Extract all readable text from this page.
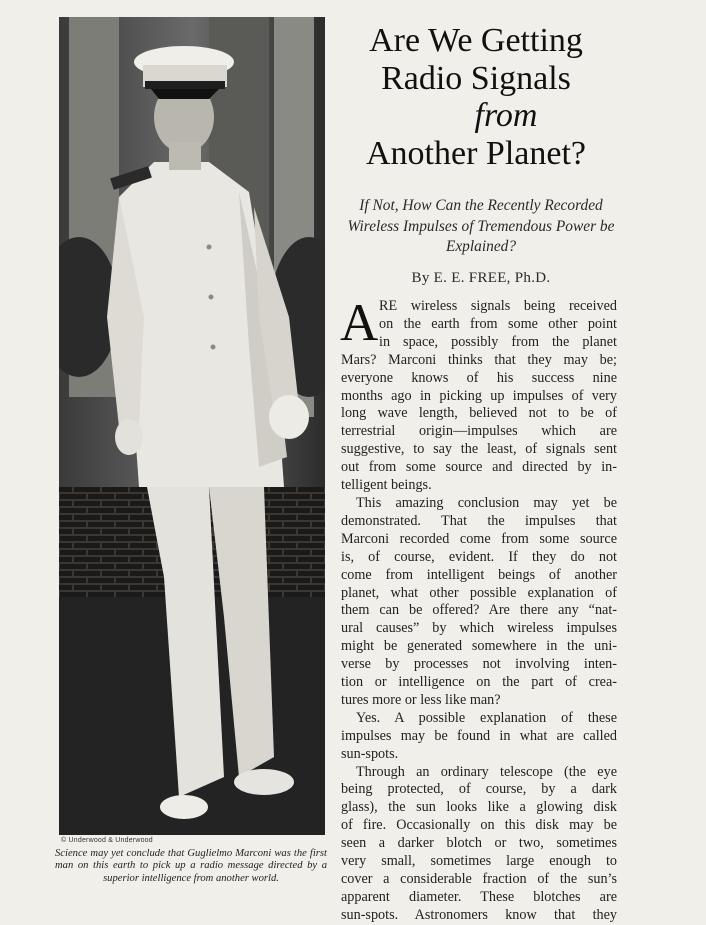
© Underwood & Underwood
Science may yet conclude that Guglielmo Marconi was the first man on this earth to pick up a radio message directed by a superior intelligence from another world.
Are We Getting
Radio Signals
from
Another Planet?
If Not, How Can the Recently Recorded Wireless Impulses of Tremendous Power be Explained?
By E. E. FREE, Ph.D.
A RE wireless signals being received
on the earth from some other point
in space, possibly from the planet
Mars? Marconi thinks that they may be;
everyone knows of his success nine
months ago in picking up impulses of very
long wave length, believed not to be of
terrestrial origin—impulses which are
suggestive, to say the least, of signals sent
out from some source and directed by in-
telligent beings.
This amazing conclusion may yet be
demonstrated. That the impulses that
Marconi recorded come from some source
is, of course, evident. If they do not
come from intelligent beings of another
planet, what other possible explanation of
them can be offered? Are there any “nat-
ural causes” by which wireless impulses
might be generated somewhere in the uni-
verse by processes not involving inten-
tion or intelligence on the part of crea-
tures more or less like man?
Yes. A possible explanation of these
impulses may be found in what are called
sun-spots.
Through an ordinary telescope (the eye
being protected, of course, by a dark
glass), the sun looks like a glowing disk
of fire. Occasionally on this disk may be
seen a darker blotch or two, sometimes
very small, sometimes large enough to
cover a considerable fraction of the sun’s
apparent diameter. These blotches are
sun-spots. Astronomers know that they
